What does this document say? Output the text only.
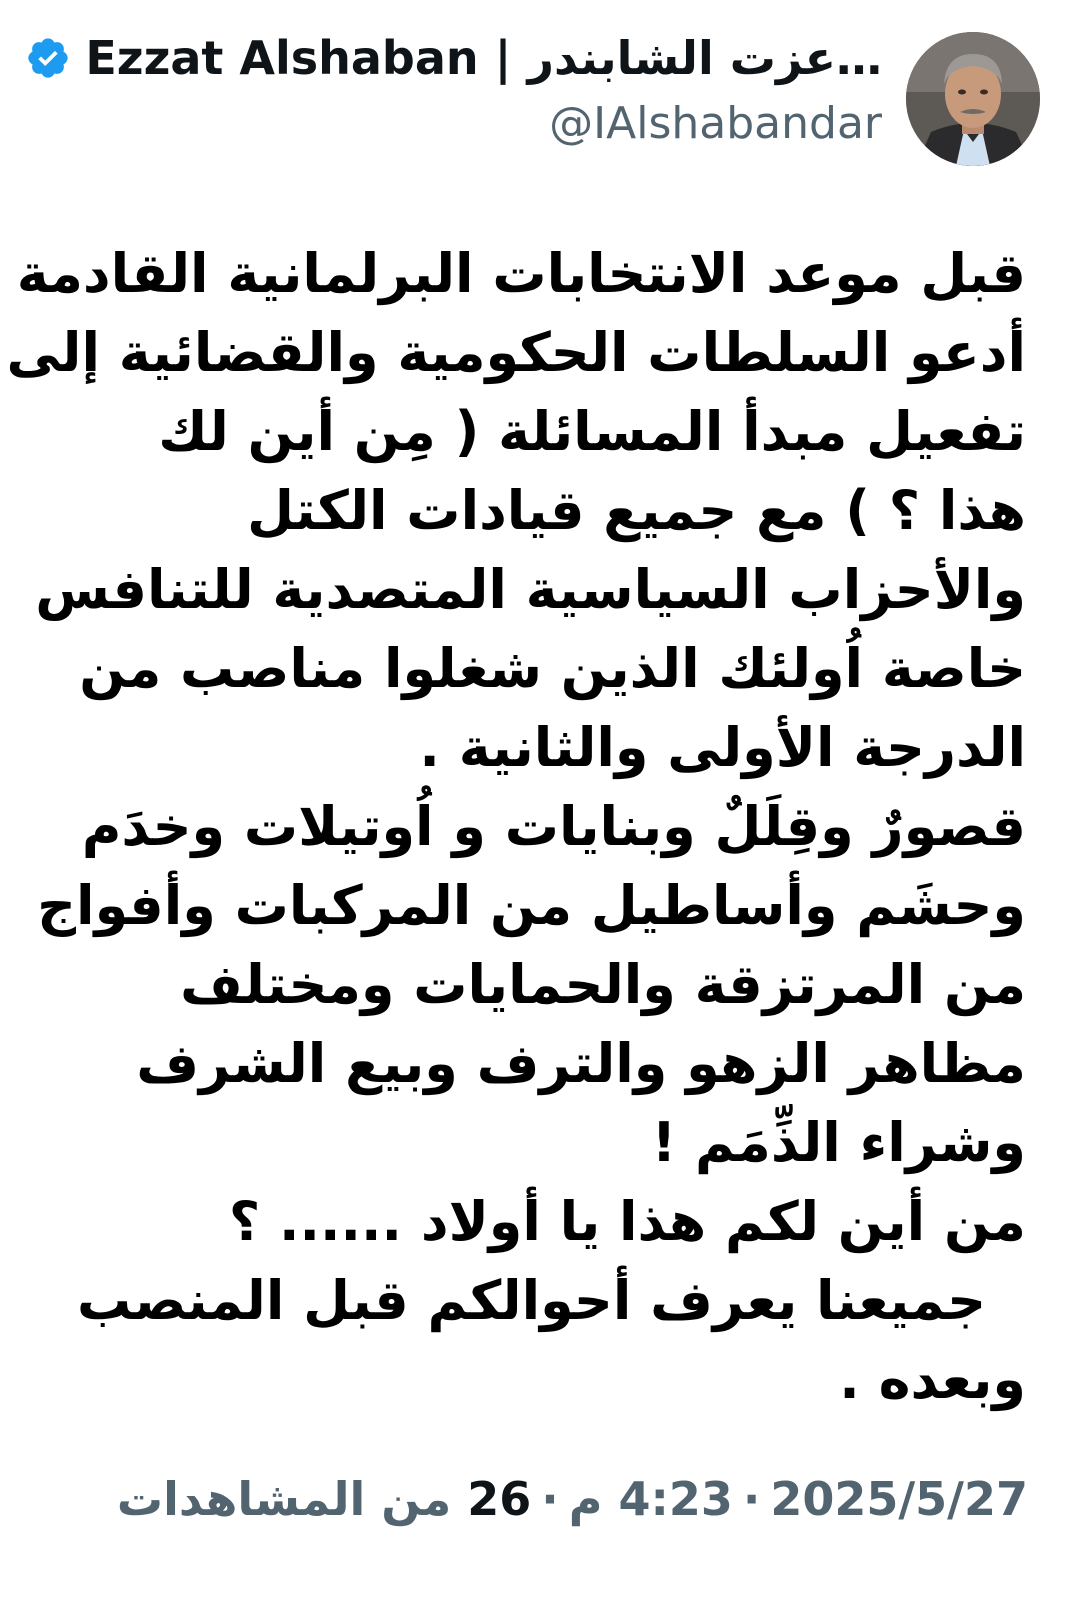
Ezzat Alshaban | عزت الشابندر…
@IAlshabandar
قبل موعد الانتخابات البرلمانية القادمة
أدعو السلطات الحكومية والقضائية إلى
تفعيل مبدأ المسائلة ( مِن أين لك
هذا ؟ ) مع جميع قيادات الكتل
والأحزاب السياسية المتصدية للتنافس
خاصة اُولئك الذين شغلوا مناصب من
الدرجة الأولى والثانية .
قصورٌ وقِلَلٌ وبنايات و اُوتيلات وخدَم
وحشَم وأساطيل من المركبات وأفواج
من المرتزقة والحمايات ومختلف
مظاهر الزهو والترف وبيع الشرف
وشراء الذِّمَم !
من أين لكم هذا يا أولاد ...... ؟
جميعنا يعرف أحوالكم قبل المنصب
وبعده .
2025/5/27·4:23 م·26 من المشاهدات
